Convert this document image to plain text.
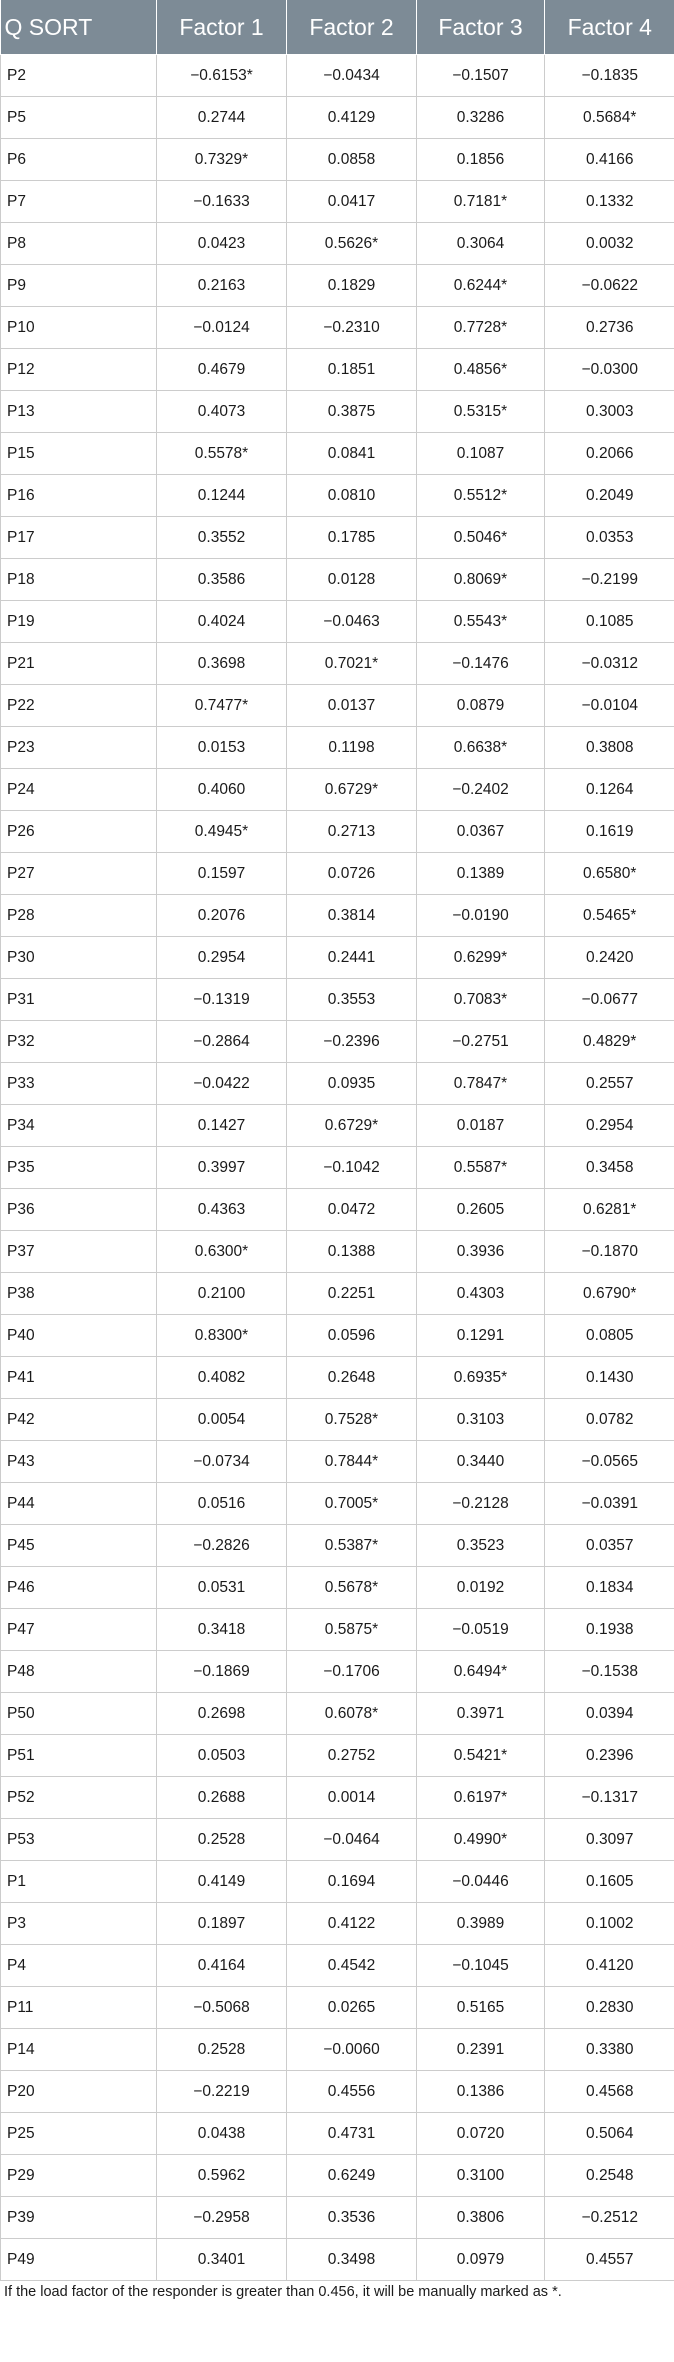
Q SORT	Factor 1	Factor 2	Factor 3	Factor 4
P2	−0.6153*	−0.0434	−0.1507	−0.1835
P5	0.2744	0.4129	0.3286	0.5684*
P6	0.7329*	0.0858	0.1856	0.4166
P7	−0.1633	0.0417	0.7181*	0.1332
P8	0.0423	0.5626*	0.3064	0.0032
P9	0.2163	0.1829	0.6244*	−0.0622
P10	−0.0124	−0.2310	0.7728*	0.2736
P12	0.4679	0.1851	0.4856*	−0.0300
P13	0.4073	0.3875	0.5315*	0.3003
P15	0.5578*	0.0841	0.1087	0.2066
P16	0.1244	0.0810	0.5512*	0.2049
P17	0.3552	0.1785	0.5046*	0.0353
P18	0.3586	0.0128	0.8069*	−0.2199
P19	0.4024	−0.0463	0.5543*	0.1085
P21	0.3698	0.7021*	−0.1476	−0.0312
P22	0.7477*	0.0137	0.0879	−0.0104
P23	0.0153	0.1198	0.6638*	0.3808
P24	0.4060	0.6729*	−0.2402	0.1264
P26	0.4945*	0.2713	0.0367	0.1619
P27	0.1597	0.0726	0.1389	0.6580*
P28	0.2076	0.3814	−0.0190	0.5465*
P30	0.2954	0.2441	0.6299*	0.2420
P31	−0.1319	0.3553	0.7083*	−0.0677
P32	−0.2864	−0.2396	−0.2751	0.4829*
P33	−0.0422	0.0935	0.7847*	0.2557
P34	0.1427	0.6729*	0.0187	0.2954
P35	0.3997	−0.1042	0.5587*	0.3458
P36	0.4363	0.0472	0.2605	0.6281*
P37	0.6300*	0.1388	0.3936	−0.1870
P38	0.2100	0.2251	0.4303	0.6790*
P40	0.8300*	0.0596	0.1291	0.0805
P41	0.4082	0.2648	0.6935*	0.1430
P42	0.0054	0.7528*	0.3103	0.0782
P43	−0.0734	0.7844*	0.3440	−0.0565
P44	0.0516	0.7005*	−0.2128	−0.0391
P45	−0.2826	0.5387*	0.3523	0.0357
P46	0.0531	0.5678*	0.0192	0.1834
P47	0.3418	0.5875*	−0.0519	0.1938
P48	−0.1869	−0.1706	0.6494*	−0.1538
P50	0.2698	0.6078*	0.3971	0.0394
P51	0.0503	0.2752	0.5421*	0.2396
P52	0.2688	0.0014	0.6197*	−0.1317
P53	0.2528	−0.0464	0.4990*	0.3097
P1	0.4149	0.1694	−0.0446	0.1605
P3	0.1897	0.4122	0.3989	0.1002
P4	0.4164	0.4542	−0.1045	0.4120
P11	−0.5068	0.0265	0.5165	0.2830
P14	0.2528	−0.0060	0.2391	0.3380
P20	−0.2219	0.4556	0.1386	0.4568
P25	0.0438	0.4731	0.0720	0.5064
P29	0.5962	0.6249	0.3100	0.2548
P39	−0.2958	0.3536	0.3806	−0.2512
P49	0.3401	0.3498	0.0979	0.4557
If the load factor of the responder is greater than 0.456, it will be manually marked as *.
